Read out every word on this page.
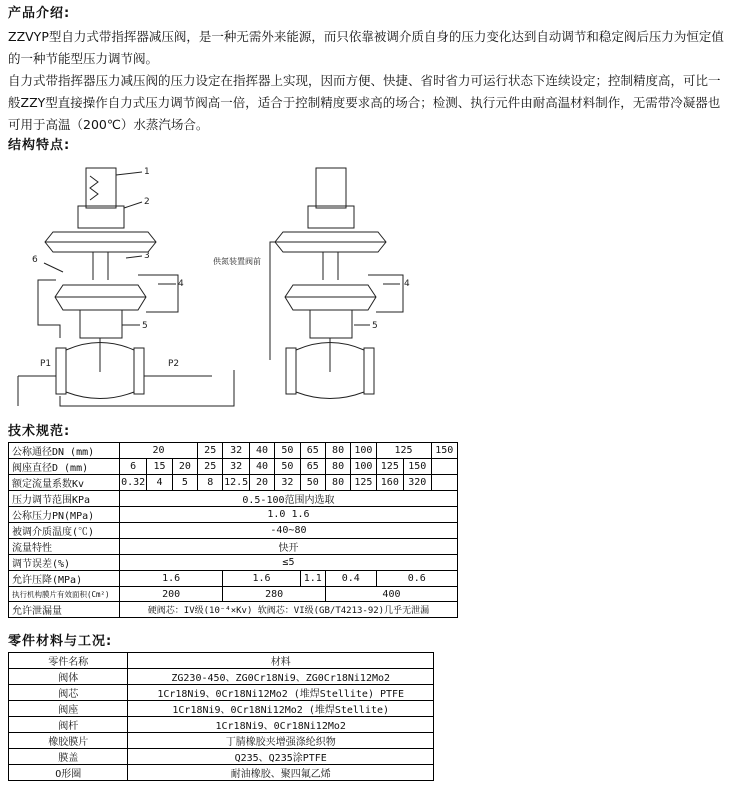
产品介绍:
ZZVYP型自力式带指挥器减压阀，是一种无需外来能源，而只依靠被调介质自身的压力变化达到自动调节和稳定阀后压力为恒定值的一种节能型压力调节阀。
自力式带指挥器压力减压阀的压力设定在指挥器上实现，因而方便、快捷、省时省力可运行状态下连续设定；控制精度高，可比一般ZZY型直接操作自力式压力调节阀高一倍，适合于控制精度要求高的场合；检测、执行元件由耐高温材料制作，无需带冷凝器也可用于高温（200℃）水蒸汽场合。
结构特点:
1
2
3
4
5
6
4
5
P1	P2
供氮装置阀前
技术规范:
公称通径DN (mm)	20			25	32	40	50	65	80	100	125		150
阀座直径D (mm)	6	15	20	25	32	40	50	65	80	100	125	150	
额定流量系数Kv	0.32	4	5	8	12.5	20	32	50	80	125	160	320	
压力调节范围KPa	0.5-100范围内选取												
公称压力PN(MPa)	1.0 1.6												
被调介质温度(℃)	-40~80												
流量特性	快开												
调节误差(%)	≤5												
允许压降(MPa)	1.6				1.6			1.1	0.4		0.6		
执行机构膜片有效面积(Cm²)	200				280				400				
允许泄漏量	硬阀芯：IV级(10⁻⁴×Kv) 软阀芯：VI级(GB/T4213-92)几乎无泄漏												
零件材料与工况:
零件名称	材料
阀体	ZG230-450、ZG0Cr18Ni9、ZG0Cr18Ni12Mo2
阀芯	1Cr18Ni9、0Cr18Ni12Mo2 (堆焊Stellite) PTFE
阀座	1Cr18Ni9、0Cr18Ni12Mo2 (堆焊Stellite)
阀杆	1Cr18Ni9、0Cr18Ni12Mo2
橡胶膜片	丁腈橡胶夹增强涤纶织物
膜盖	Q235、Q235涂PTFE
O形圈	耐油橡胶、聚四氟乙烯
